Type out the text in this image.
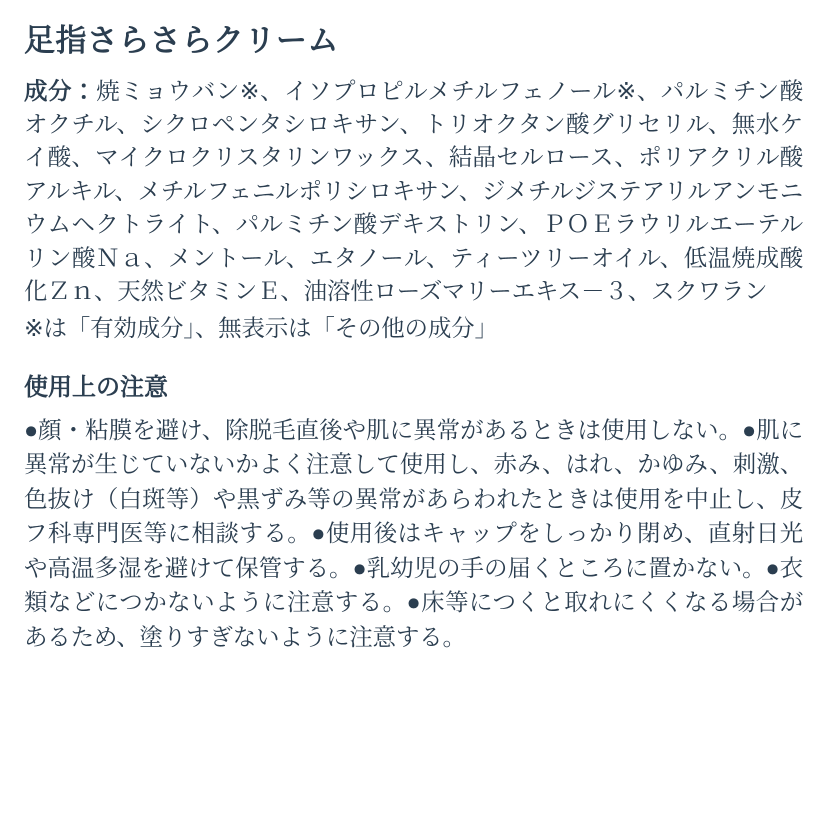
足指さらさらクリーム

成分：焼ミョウバン※、イソプロピルメチルフェノール※、パルミチン酸オクチル、シクロペンタシロキサン、トリオクタン酸グリセリル、無水ケイ酸、マイクロクリスタリンワックス、結晶セルロース、ポリアクリル酸アルキル、メチルフェニルポリシロキサン、ジメチルジステアリルアンモニウムヘクトライト、パルミチン酸デキストリン、ＰＯＥラウリルエーテルリン酸Ｎａ、メントール、エタノール、ティーツリーオイル、低温焼成酸化Ｚｎ、天然ビタミンＥ、油溶性ローズマリーエキス－３、スクワラン

※は「有効成分」、無表示は「その他の成分」

使用上の注意

●顔・粘膜を避け、除脱毛直後や肌に異常があるときは使用しない。●肌に異常が生じていないかよく注意して使用し、赤み、はれ、かゆみ、刺激、色抜け（白斑等）や黒ずみ等の異常があらわれたときは使用を中止し、皮フ科専門医等に相談する。●使用後はキャップをしっかり閉め、直射日光や高温多湿を避けて保管する。●乳幼児の手の届くところに置かない。●衣類などにつかないように注意する。●床等につくと取れにくくなる場合があるため、塗りすぎないように注意する。
